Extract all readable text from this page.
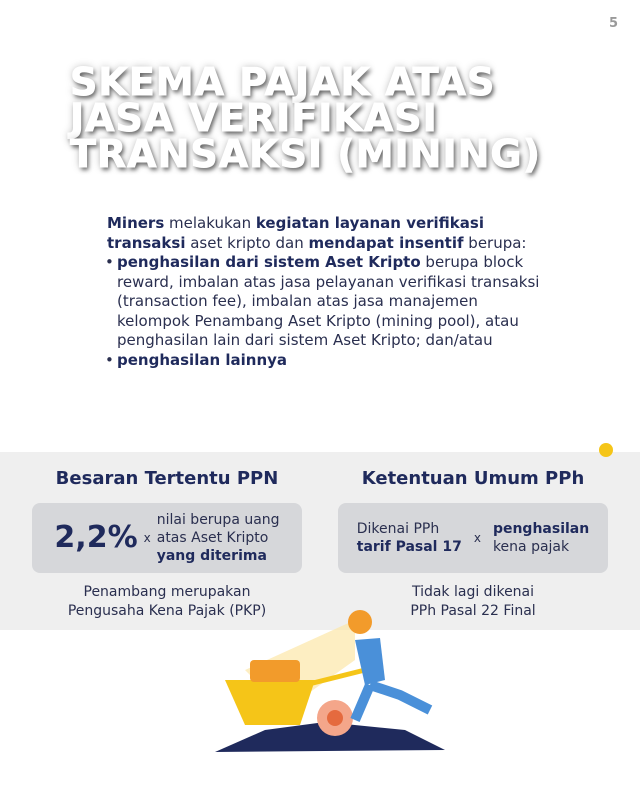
5
SKEMA PAJAK ATAS
JASA VERIFIKASI
TRANSAKSI (MINING)
Miners melakukan kegiatan layanan verifikasi transaksi aset kripto dan mendapat insentif berupa:
• penghasilan dari sistem Aset Kripto berupa block reward, imbalan atas jasa pelayanan verifikasi transaksi (transaction fee), imbalan atas jasa manajemen kelompok Penambang Aset Kripto (mining pool), atau penghasilan lain dari sistem Aset Kripto; dan/atau
• penghasilan lainnya
Besaran Tertentu PPN
2,2% x
nilai berupa uang
atas Aset Kripto
yang diterima
Penambang merupakan
Pengusaha Kena Pajak (PKP)
Ketentuan Umum PPh
Dikenai PPh
tarif Pasal 17
x
penghasilan
kena pajak
Tidak lagi dikenai
PPh Pasal 22 Final
